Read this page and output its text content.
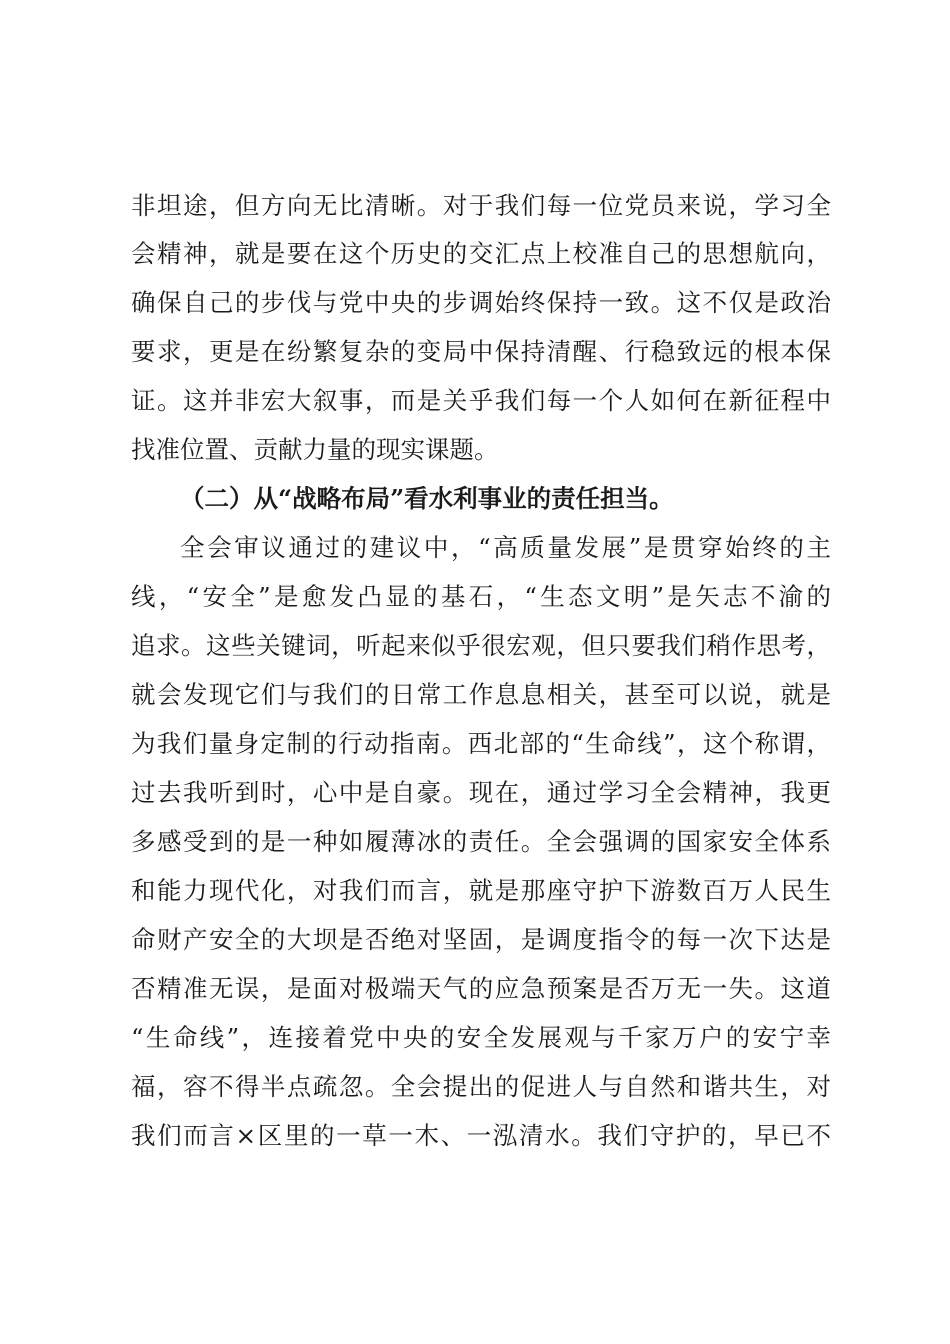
非坦途，但方向无比清晰。对于我们每一位党员来说，学习全
会精神，就是要在这个历史的交汇点上校准自己的思想航向，
确保自己的步伐与党中央的步调始终保持一致。这不仅是政治
要求，更是在纷繁复杂的变局中保持清醒、行稳致远的根本保
证。这并非宏大叙事，而是关乎我们每一个人如何在新征程中
找准位置、贡献力量的现实课题。
（二）从“战略布局”看水利事业的责任担当。
全会审议通过的建议中，“高质量发展”是贯穿始终的主
线，“安全”是愈发凸显的基石，“生态文明”是矢志不渝的
追求。这些关键词，听起来似乎很宏观，但只要我们稍作思考，
就会发现它们与我们的日常工作息息相关，甚至可以说，就是
为我们量身定制的行动指南。西北部的“生命线”，这个称谓，
过去我听到时，心中是自豪。现在，通过学习全会精神，我更
多感受到的是一种如履薄冰的责任。全会强调的国家安全体系
和能力现代化，对我们而言，就是那座守护下游数百万人民生
命财产安全的大坝是否绝对坚固，是调度指令的每一次下达是
否精准无误，是面对极端天气的应急预案是否万无一失。这道
“生命线”，连接着党中央的安全发展观与千家万户的安宁幸
福，容不得半点疏忽。全会提出的促进人与自然和谐共生，对
我们而言×区里的一草一木、一泓清水。我们守护的，早已不
